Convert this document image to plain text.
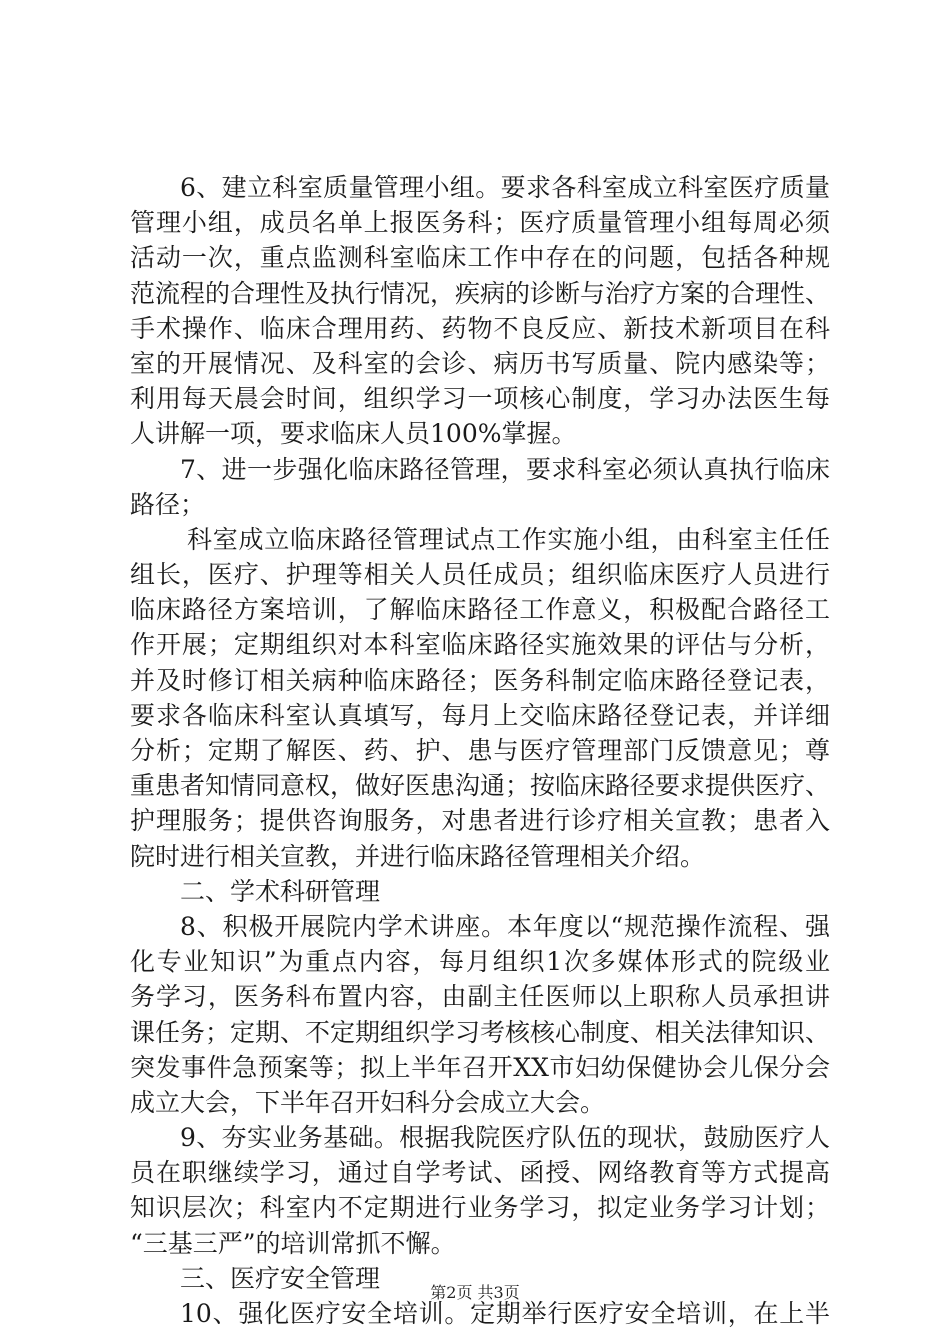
6、建立科室质量管理小组。要求各科室成立科室医疗质量
管理小组，成员名单上报医务科；医疗质量管理小组每周必须
活动一次，重点监测科室临床工作中存在的问题，包括各种规
范流程的合理性及执行情况，疾病的诊断与治疗方案的合理性、
手术操作、临床合理用药、药物不良反应、新技术新项目在科
室的开展情况、及科室的会诊、病历书写质量、院内感染等；
利用每天晨会时间，组织学习一项核心制度，学习办法医生每
人讲解一项，要求临床人员100%掌握。
7、进一步强化临床路径管理，要求科室必须认真执行临床
路径；
科室成立临床路径管理试点工作实施小组，由科室主任任
组长，医疗、护理等相关人员任成员；组织临床医疗人员进行
临床路径方案培训，了解临床路径工作意义，积极配合路径工
作开展；定期组织对本科室临床路径实施效果的评估与分析，
并及时修订相关病种临床路径；医务科制定临床路径登记表，
要求各临床科室认真填写，每月上交临床路径登记表，并详细
分析；定期了解医、药、护、患与医疗管理部门反馈意见；尊
重患者知情同意权，做好医患沟通；按临床路径要求提供医疗、
护理服务；提供咨询服务，对患者进行诊疗相关宣教；患者入
院时进行相关宣教，并进行临床路径管理相关介绍。
二、学术科研管理
8、积极开展院内学术讲座。本年度以“规范操作流程、强
化专业知识”为重点内容，每月组织1次多媒体形式的院级业
务学习，医务科布置内容，由副主任医师以上职称人员承担讲
课任务；定期、不定期组织学习考核核心制度、相关法律知识、
突发事件急预案等；拟上半年召开XX市妇幼保健协会儿保分会
成立大会，下半年召开妇科分会成立大会。
9、夯实业务基础。根据我院医疗队伍的现状，鼓励医疗人
员在职继续学习，通过自学考试、函授、网络教育等方式提高
知识层次；科室内不定期进行业务学习，拟定业务学习计划；
“三基三严”的培训常抓不懈。
三、医疗安全管理
10、强化医疗安全培训。定期举行医疗安全培训，在上半
第2页 共3页
